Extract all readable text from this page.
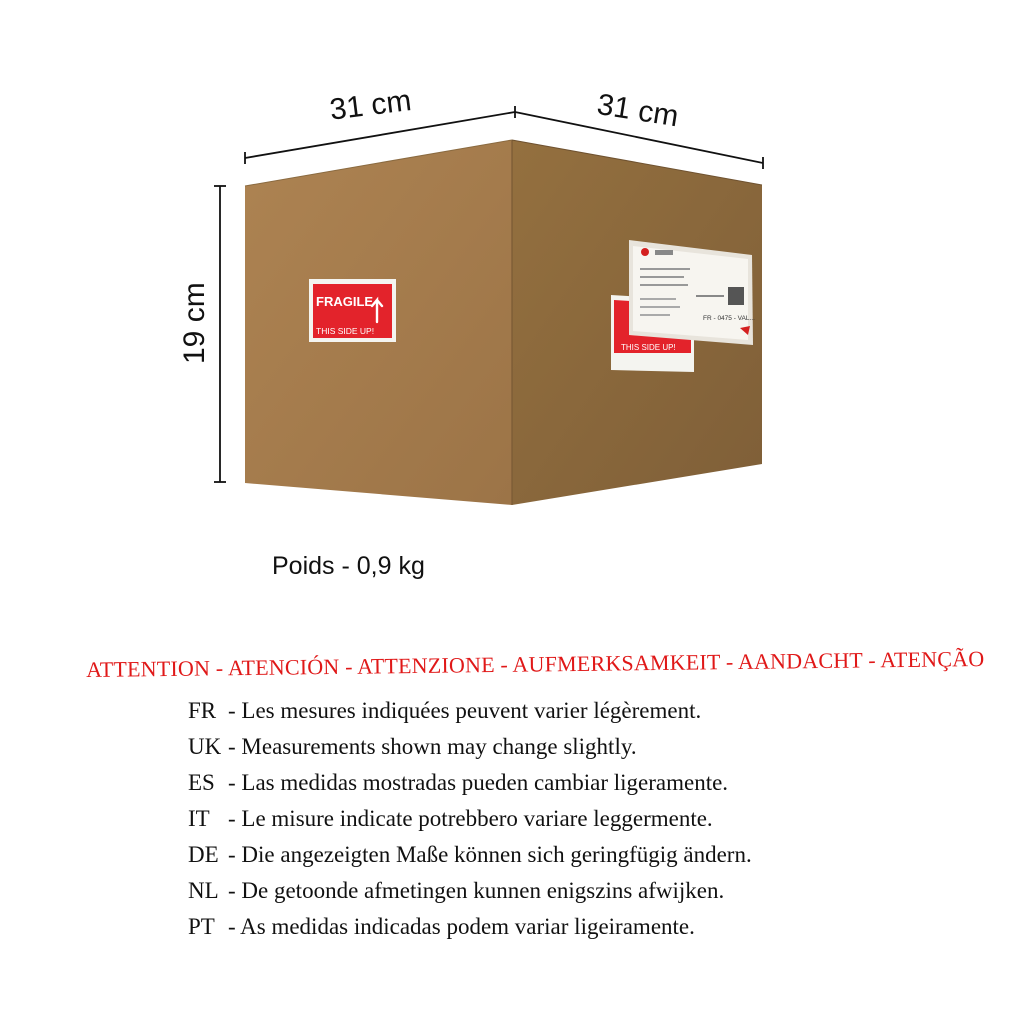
FRAGILE
THIS SIDE UP!
THIS SIDE UP!
FR - 0475 - VAL...
31 cm	31 cm
19 cm
Poids - 0,9 kg
ATTENTION - ATENCIÓN - ATTENZIONE - AUFMERKSAMKEIT - AANDACHT - ATENÇÃO
FR - Les mesures indiquées peuvent varier légèrement.
UK - Measurements shown may change slightly.
ES - Las medidas mostradas pueden cambiar ligeramente.
IT - Le misure indicate potrebbero variare leggermente.
DE - Die angezeigten Maße können sich geringfügig ändern.
NL - De getoonde afmetingen kunnen enigszins afwijken.
PT - As medidas indicadas podem variar ligeiramente.
